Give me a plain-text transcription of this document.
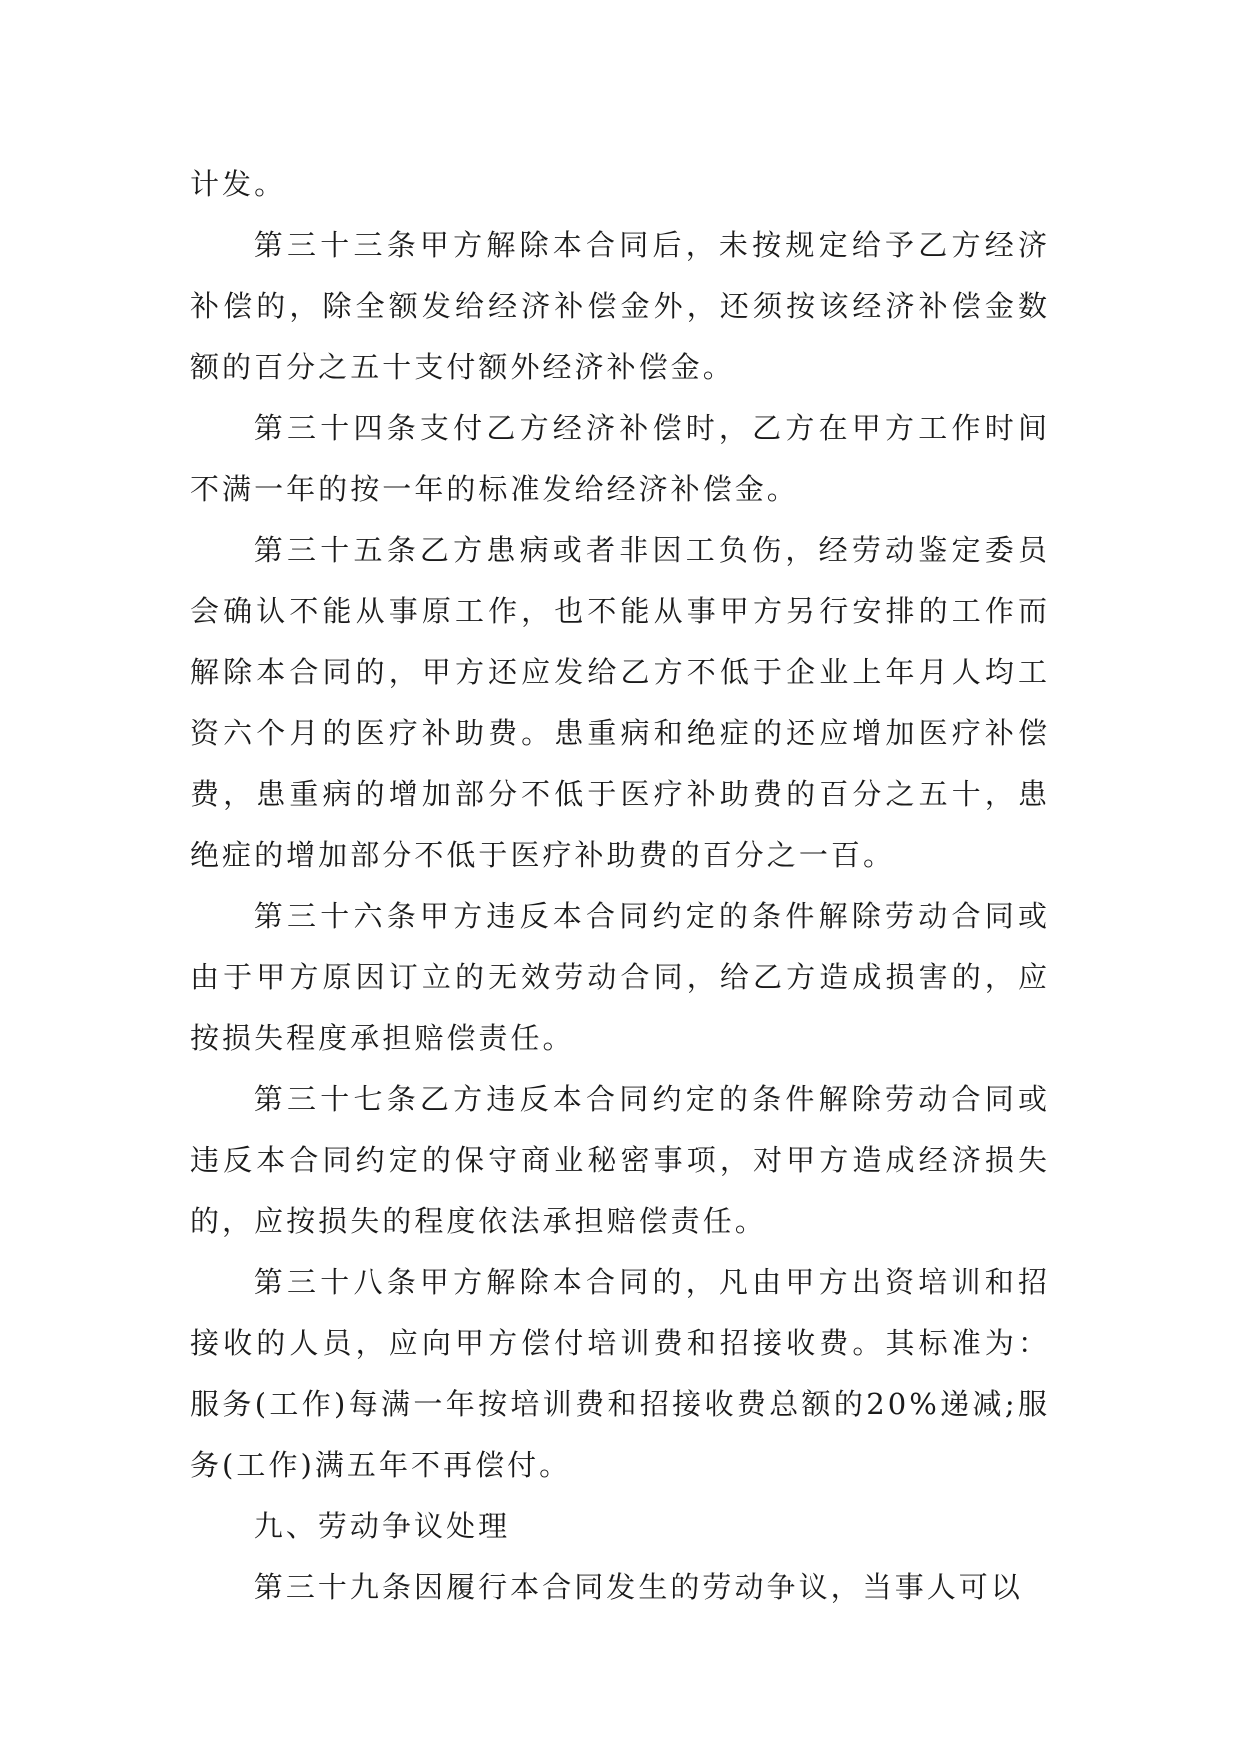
计发。

第三十三条甲方解除本合同后，未按规定给予乙方经济补偿的，除全额发给经济补偿金外，还须按该经济补偿金数额的百分之五十支付额外经济补偿金。

第三十四条支付乙方经济补偿时，乙方在甲方工作时间不满一年的按一年的标准发给经济补偿金。

第三十五条乙方患病或者非因工负伤，经劳动鉴定委员会确认不能从事原工作，也不能从事甲方另行安排的工作而解除本合同的，甲方还应发给乙方不低于企业上年月人均工资六个月的医疗补助费。患重病和绝症的还应增加医疗补偿费，患重病的增加部分不低于医疗补助费的百分之五十，患绝症的增加部分不低于医疗补助费的百分之一百。

第三十六条甲方违反本合同约定的条件解除劳动合同或由于甲方原因订立的无效劳动合同，给乙方造成损害的，应按损失程度承担赔偿责任。

第三十七条乙方违反本合同约定的条件解除劳动合同或违反本合同约定的保守商业秘密事项，对甲方造成经济损失的，应按损失的程度依法承担赔偿责任。

第三十八条甲方解除本合同的，凡由甲方出资培训和招接收的人员，应向甲方偿付培训费和招接收费。其标准为：服务(工作)每满一年按培训费和招接收费总额的20%递减;服务(工作)满五年不再偿付。

九、劳动争议处理

第三十九条因履行本合同发生的劳动争议，当事人可以
